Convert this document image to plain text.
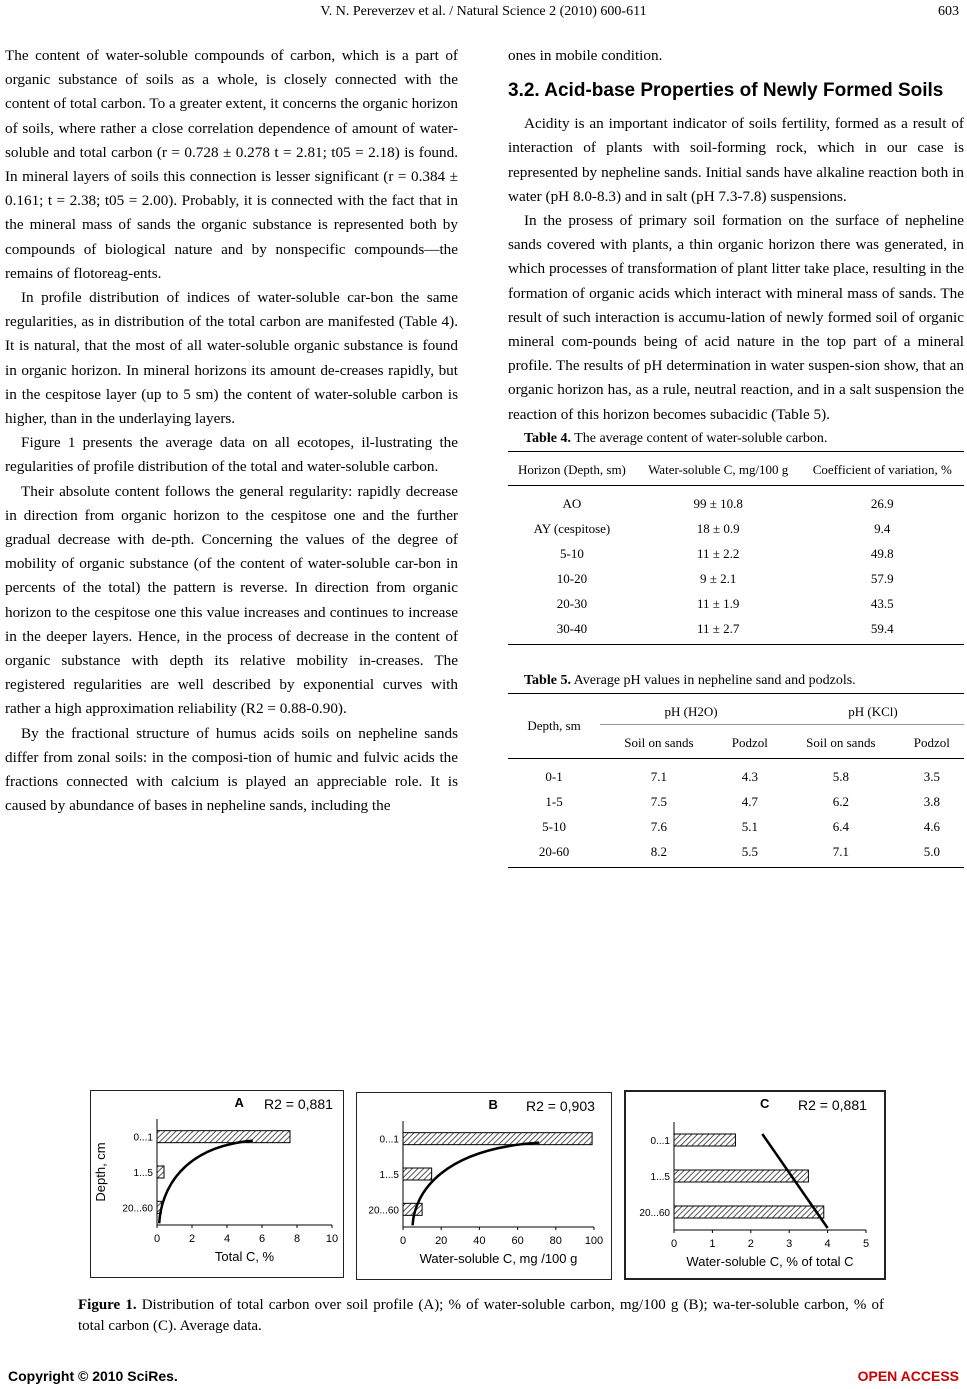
V. N. Pereverzev et al. / Natural Science 2 (2010) 600-611	603

The content of water-soluble compounds of carbon, which is a part of organic substance of soils as a whole, is closely connected with the content of total carbon. To a greater extent, it concerns the organic horizon of soils, where rather a close correlation dependence of amount of water-soluble and total carbon (r = 0.728 ± 0.278 t = 2.81; t05 = 2.18) is found. In mineral layers of soils this connection is lesser significant (r = 0.384 ± 0.161; t = 2.38; t05 = 2.00). Probably, it is connected with the fact that in the mineral mass of sands the organic substance is represented both by compounds of biological nature and by nonspecific compounds—the remains of flotoreag-ents.

In profile distribution of indices of water-soluble car-bon the same regularities, as in distribution of the total carbon are manifested (Table 4). It is natural, that the most of all water-soluble organic substance is found in organic horizon. In mineral horizons its amount de-creases rapidly, but in the cespitose layer (up to 5 sm) the content of water-soluble carbon is higher, than in the underlaying layers.

Figure 1 presents the average data on all ecotopes, il-lustrating the regularities of profile distribution of the total and water-soluble carbon.

Their absolute content follows the general regularity: rapidly decrease in direction from organic horizon to the cespitose one and the further gradual decrease with de-pth. Concerning the values of the degree of mobility of organic substance (of the content of water-soluble car-bon in percents of the total) the pattern is reverse. In direction from organic horizon to the cespitose one this value increases and continues to increase in the deeper layers. Hence, in the process of decrease in the content of organic substance with depth its relative mobility in-creases. The registered regularities are well described by exponential curves with rather a high approximation reliability (R2 = 0.88-0.90).

By the fractional structure of humus acids soils on nepheline sands differ from zonal soils: in the composi-tion of humic and fulvic acids the fractions connected with calcium is played an appreciable role. It is caused by abundance of bases in nepheline sands, including the

ones in mobile condition.

3.2. Acid-base Properties of Newly Formed Soils

Acidity is an important indicator of soils fertility, formed as a result of interaction of plants with soil-forming rock, which in our case is represented by nepheline sands. Initial sands have alkaline reaction both in water (pH 8.0-8.3) and in salt (pH 7.3-7.8) suspensions.

In the prosess of primary soil formation on the surface of nepheline sands covered with plants, a thin organic horizon there was generated, in which processes of transformation of plant litter take place, resulting in the formation of organic acids which interact with mineral mass of sands. The result of such interaction is accumu-lation of newly formed soil of organic mineral com-pounds being of acid nature in the top part of a mineral profile. The results of pH determination in water suspen-sion show, that an organic horizon has, as a rule, neutral reaction, and in a salt suspension the reaction of this horizon becomes subacidic (Table 5).

Table 4. The average content of water-soluble carbon.

Horizon (Depth, sm)	Water-soluble C, mg/100 g	Coefficient of variation, %
AO	99 ± 10.8	26.9
AY (cespitose)	18 ± 0.9	9.4
5-10	11 ± 2.2	49.8
10-20	9 ± 2.1	57.9
20-30	11 ± 1.9	43.5
30-40	11 ± 2.7	59.4

Table 5. Average pH values in nepheline sand and podzols.

Depth, sm	pH (H2O)		pH (KCl)	
	Soil on sands	Podzol	Soil on sands	Podzol
0-1	7.1	4.3	5.8	3.5
1-5	7.5	4.7	6.2	3.8
5-10	7.6	5.1	6.4	4.6
20-60	8.2	5.5	7.1	5.0
A R2 = 0,881
0...1
1...5
20...60
0	2	4	6	8 10
Total C, %
Depth, cm
B R2 = 0,903
0...1
1...5
20...60
0	20 40 60 80 100
Water-soluble C, mg /100 g
C R2 = 0,881
0...1
1...5
20...60
0	1	2	3	4	5
Water-soluble C, % of total C
Figure 1. Distribution of total carbon over soil profile (A); % of water-soluble carbon, mg/100 g (B); wa-ter-soluble carbon, % of total carbon (C). Average data.
Copyright © 2010 SciRes.	OPEN ACCESS
